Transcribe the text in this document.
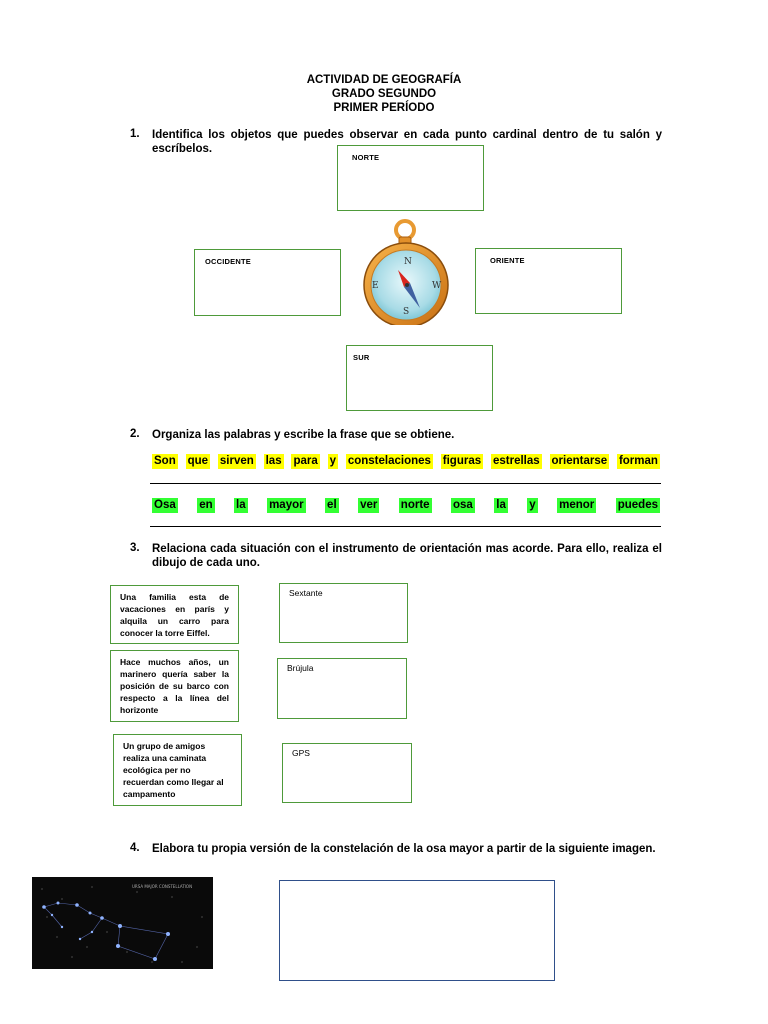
ACTIVIDAD DE GEOGRAFÍA
GRADO SEGUNDO
PRIMER PERÍODO
1. Identifica los objetos que puedes observar en cada punto cardinal dentro de tu salón y escríbelos.
NORTE
OCCIDENTE	ORIENTE
SUR
N
E	W
S
2. Organiza las palabras y escribe la frase que se obtiene.
Son que sirven las para y constelaciones figuras estrellas orientarse forman
Osa en la mayor el ver norte osa la y menor puedes
3. Relaciona cada situación con el instrumento de orientación mas acorde. Para ello, realiza el dibujo de cada uno.
Una familia esta de vacaciones en parís y alquila un carro para conocer la torre Eiffel.
Hace muchos años, un marinero quería saber la posición de su barco con respecto a la línea del horizonte
Un grupo de amigos realiza una caminata ecológica per no recuerdan como llegar al campamento
Sextante
Brújula
GPS
4. Elabora tu propia versión de la constelación de la osa mayor a partir de la siguiente imagen.
URSA MAJOR CONSTELLATION
